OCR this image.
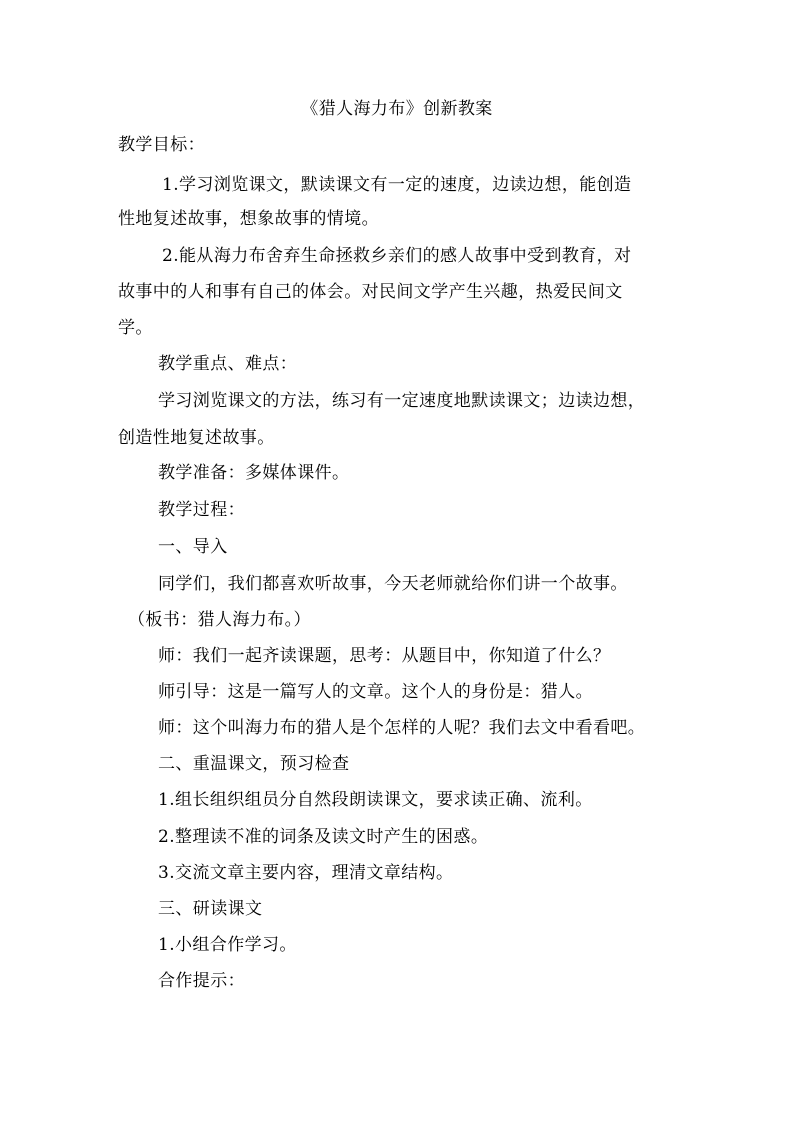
《猎人海力布》创新教案
教学目标：
1.学习浏览课文，默读课文有一定的速度，边读边想，能创造
性地复述故事，想象故事的情境。
2.能从海力布舍弃生命拯救乡亲们的感人故事中受到教育，对
故事中的人和事有自己的体会。对民间文学产生兴趣，热爱民间文
学。
教学重点、难点：
学习浏览课文的方法，练习有一定速度地默读课文；边读边想，
创造性地复述故事。
教学准备：多媒体课件。
教学过程：
一、导入
同学们，我们都喜欢听故事，今天老师就给你们讲一个故事。
（板书：猎人海力布。）
师：我们一起齐读课题，思考：从题目中，你知道了什么？
师引导：这是一篇写人的文章。这个人的身份是：猎人。
师：这个叫海力布的猎人是个怎样的人呢？我们去文中看看吧。
二、重温课文，预习检查
1.组长组织组员分自然段朗读课文，要求读正确、流利。
2.整理读不准的词条及读文时产生的困惑。
3.交流文章主要内容，理清文章结构。
三、研读课文
1.小组合作学习。
合作提示：
